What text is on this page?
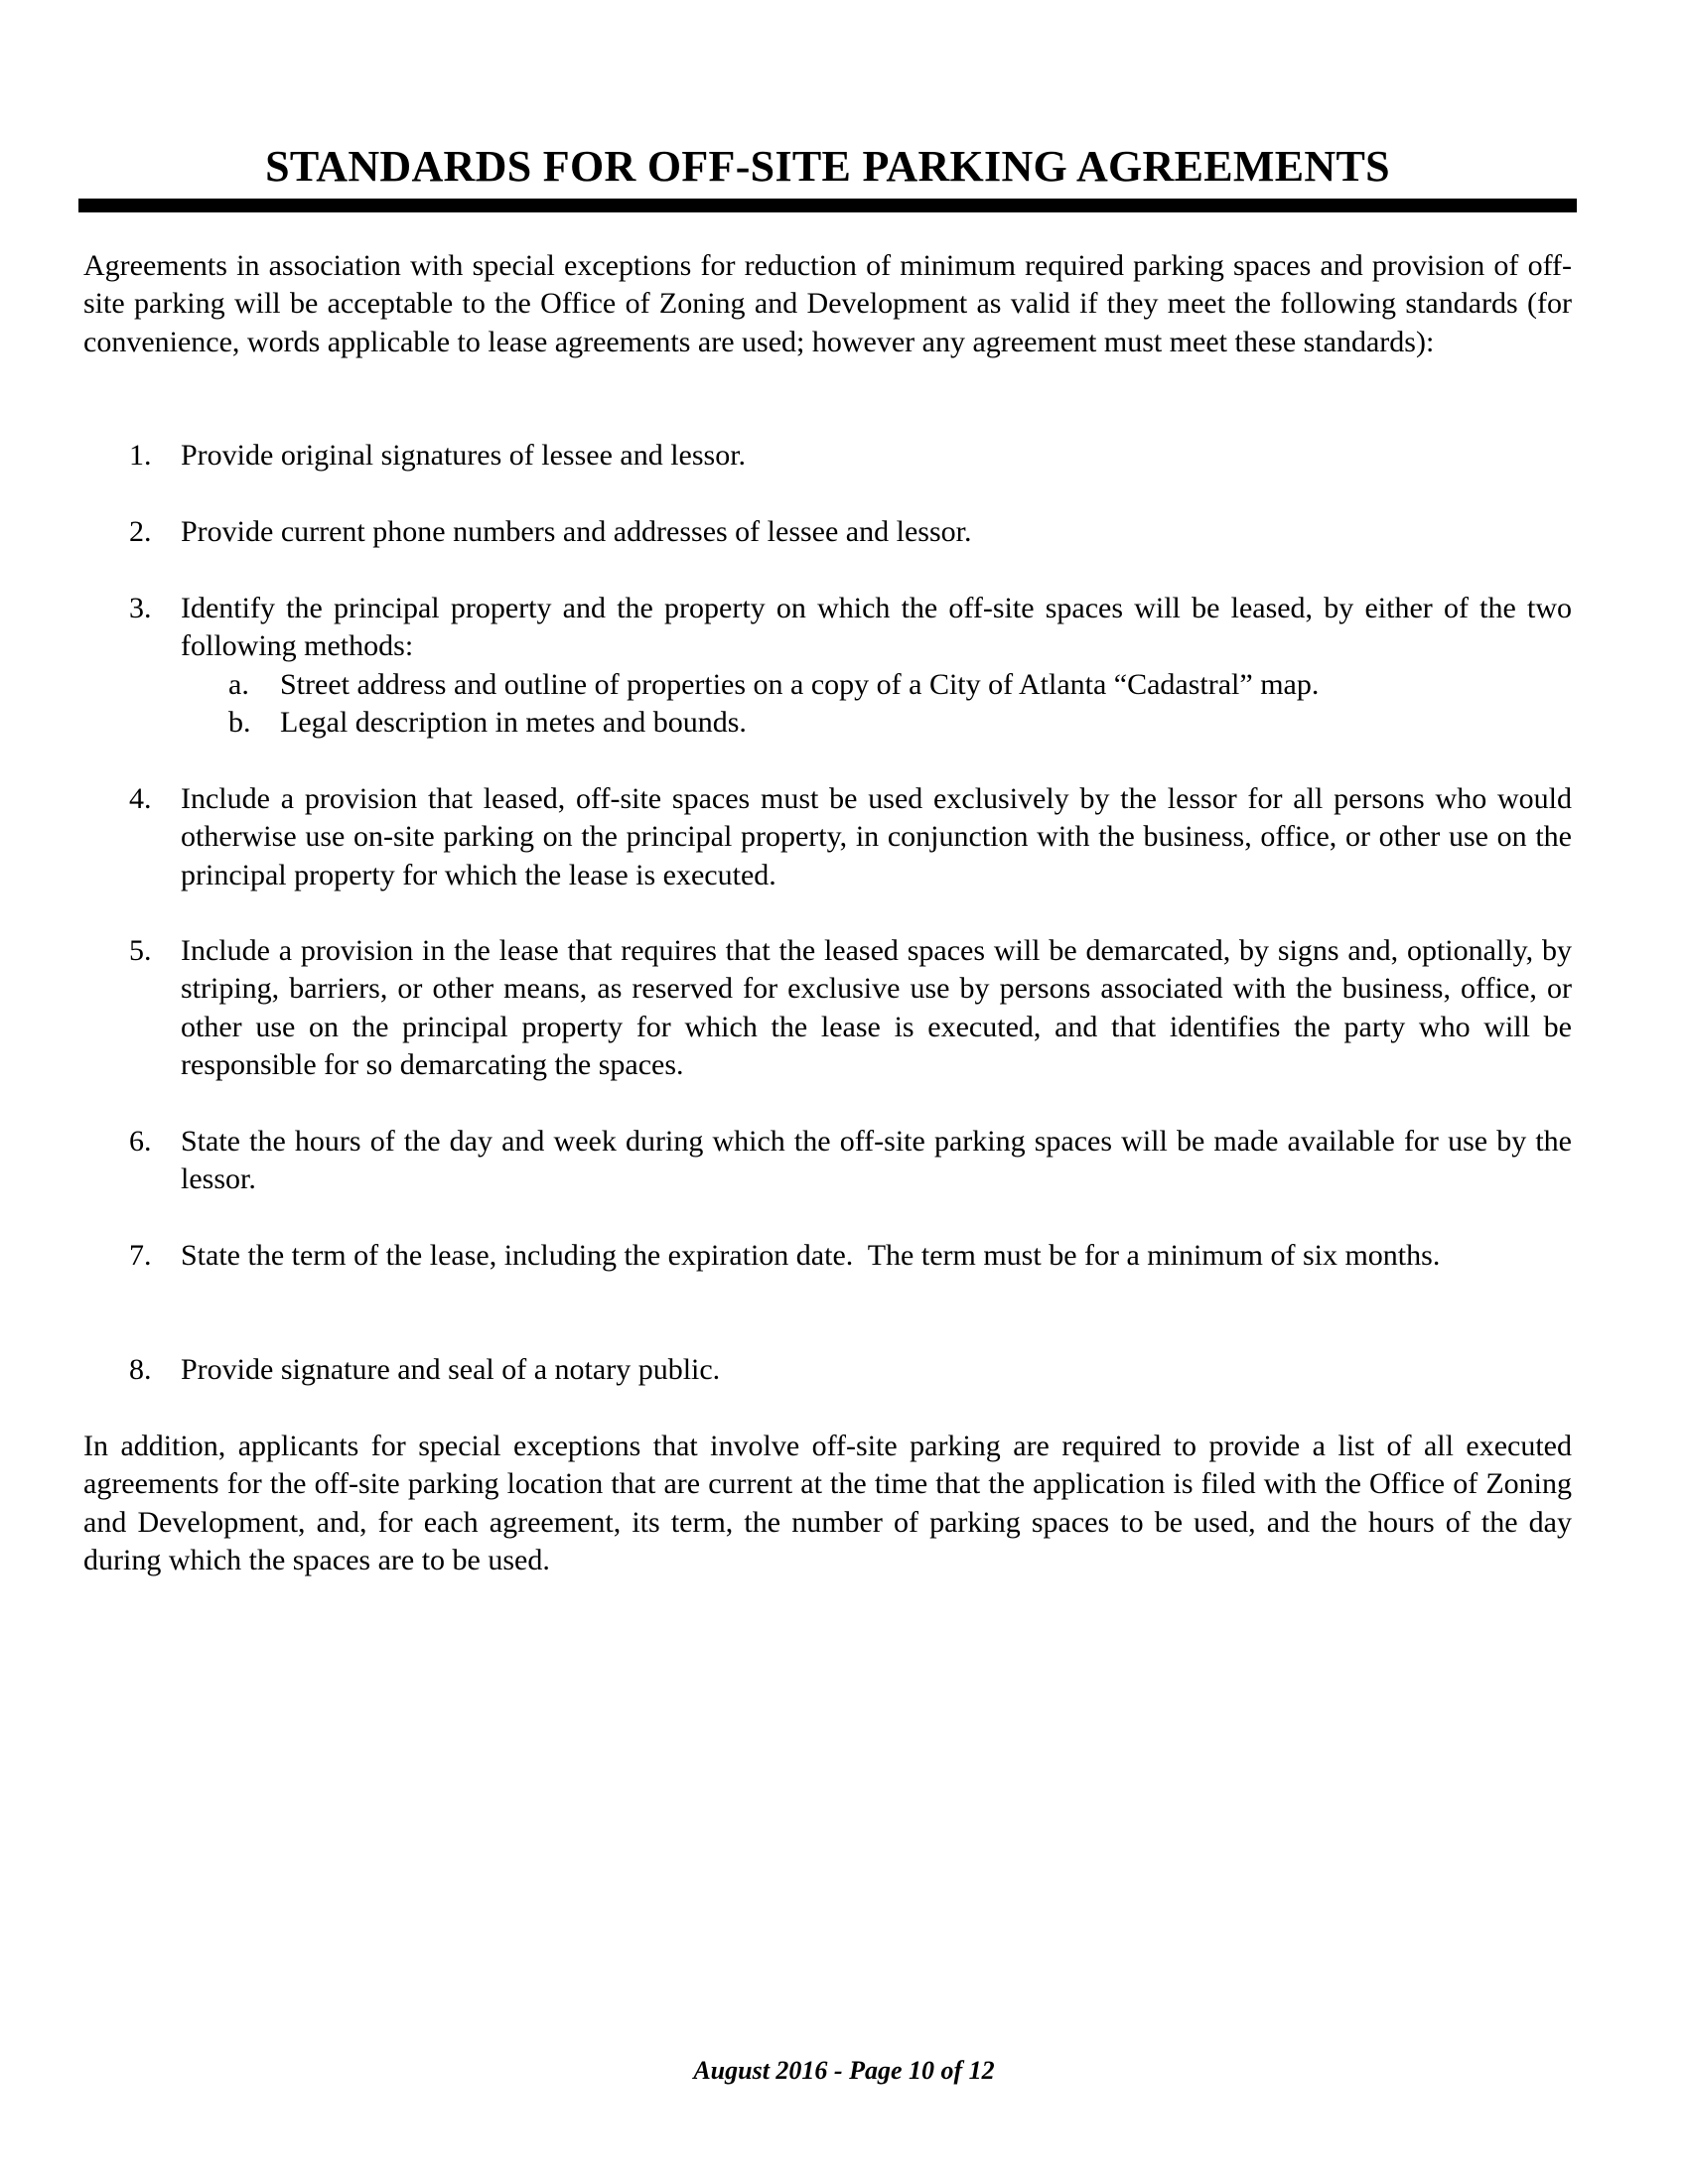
STANDARDS FOR OFF-SITE PARKING AGREEMENTS

Agreements in association with special exceptions for reduction of minimum required parking spaces and provision of off-site parking will be acceptable to the Office of Zoning and Development as valid if they meet the following standards (for convenience, words applicable to lease agreements are used; however any agreement must meet these standards):

1. Provide original signatures of lessee and lessor.
2. Provide current phone numbers and addresses of lessee and lessor.
3. Identify the principal property and the property on which the off-site spaces will be leased, by either of the two following methods:
a. Street address and outline of properties on a copy of a City of Atlanta “Cadastral” map.
b. Legal description in metes and bounds.
4. Include a provision that leased, off-site spaces must be used exclusively by the lessor for all persons who would otherwise use on-site parking on the principal property, in conjunction with the business, office, or other use on the principal property for which the lease is executed.
5. Include a provision in the lease that requires that the leased spaces will be demarcated, by signs and, optionally, by striping, barriers, or other means, as reserved for exclusive use by persons associated with the business, office, or other use on the principal property for which the lease is executed, and that identifies the party who will be responsible for so demarcating the spaces.
6. State the hours of the day and week during which the off-site parking spaces will be made available for use by the lessor.
7. State the term of the lease, including the expiration date.  The term must be for a minimum of six months.
8. Provide signature and seal of a notary public.

In addition, applicants for special exceptions that involve off-site parking are required to provide a list of all executed agreements for the off-site parking location that are current at the time that the application is filed with the Office of Zoning and Development, and, for each agreement, its term, the number of parking spaces to be used, and the hours of the day during which the spaces are to be used.

August 2016 - Page 10 of 12
